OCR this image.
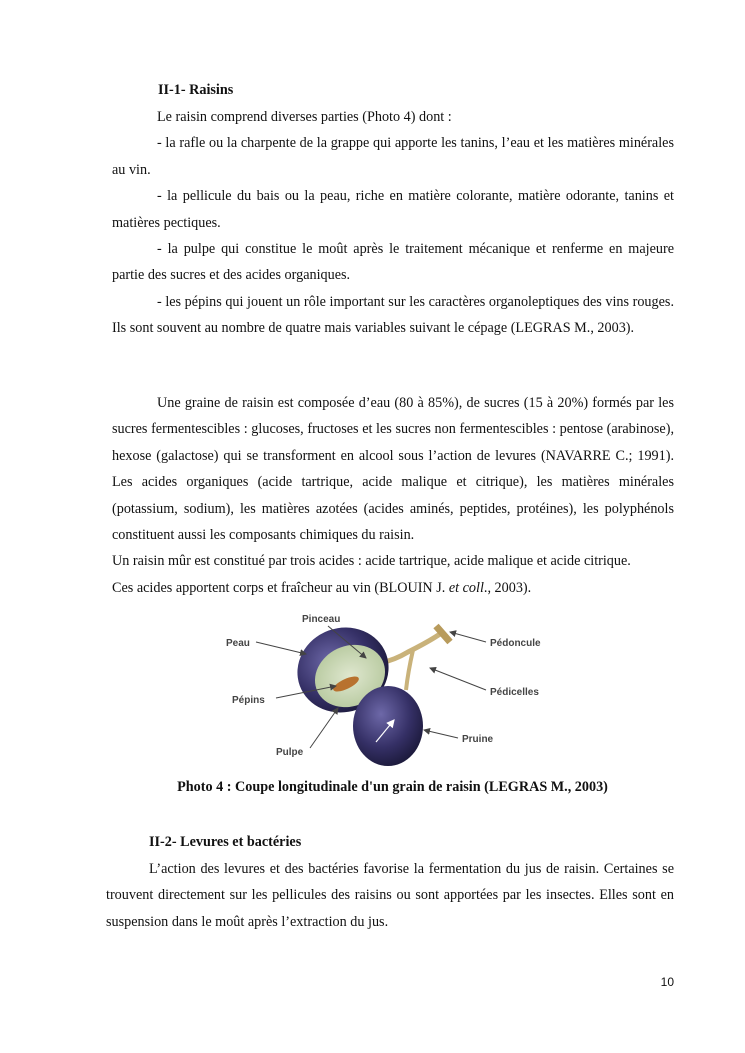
II-1- Raisins

Le raisin comprend diverses parties (Photo 4) dont :

- la rafle ou la charpente de la grappe qui apporte les tanins, l’eau et les matières minérales au vin.

- la pellicule du bais ou la peau, riche en matière colorante, matière odorante, tanins et matières pectiques.

- la pulpe qui constitue le moût après le traitement mécanique et renferme en majeure partie des sucres et des acides organiques.

- les pépins qui jouent un rôle important sur les caractères organoleptiques des vins rouges. Ils sont souvent au nombre de quatre mais variables suivant le cépage (LEGRAS M., 2003).

Une graine de raisin est composée d’eau (80 à 85%), de sucres (15 à 20%) formés par les sucres fermentescibles : glucoses, fructoses et les sucres non fermentescibles : pentose (arabinose), hexose (galactose) qui se transforment en alcool sous l’action de levures (NAVARRE C.; 1991). Les acides organiques (acide tartrique, acide malique et citrique), les matières minérales (potassium, sodium), les matières azotées (acides aminés, peptides, protéines), les polyphénols constituent aussi les composants chimiques du raisin.

Un raisin mûr est constitué par trois acides : acide tartrique, acide malique et acide citrique.

Ces acides apportent corps et fraîcheur au vin (BLOUIN J. et coll., 2003).

Peau
Pinceau
Pédoncule
Pédicelles
Pépins
Pruine
Pulpe
Photo 4 : Coupe longitudinale d'un grain de raisin (LEGRAS M., 2003)
II-2- Levures et bactéries

L’action des levures et des bactéries favorise la fermentation du jus de raisin. Certaines se trouvent directement sur les pellicules des raisins ou sont apportées par les insectes. Elles sont en suspension dans le moût après l’extraction du jus.

10
